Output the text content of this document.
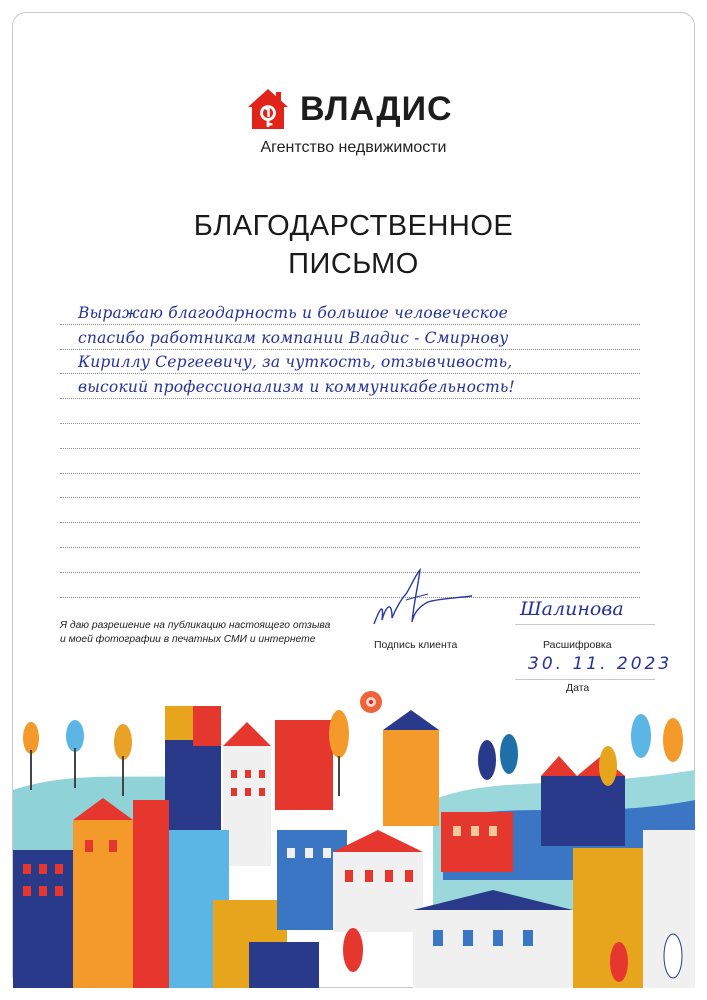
ВЛАДИС
Агентство недвижимости
БЛАГОДАРСТВЕННОЕ
ПИСЬМО
Выражаю благодарность и большое человеческое
спасибо работникам компании Владис - Смирнову
Кириллу Сергеевичу, за чуткость, отзывчивость,
высокий профессионализм и коммуникабельность!
Я даю разрешение на публикацию настоящего отзыва
и моей фотографии в печатных СМИ и интернете	Подпись клиента
Шалинова
Расшифровка
30. 11. 2023
Дата
